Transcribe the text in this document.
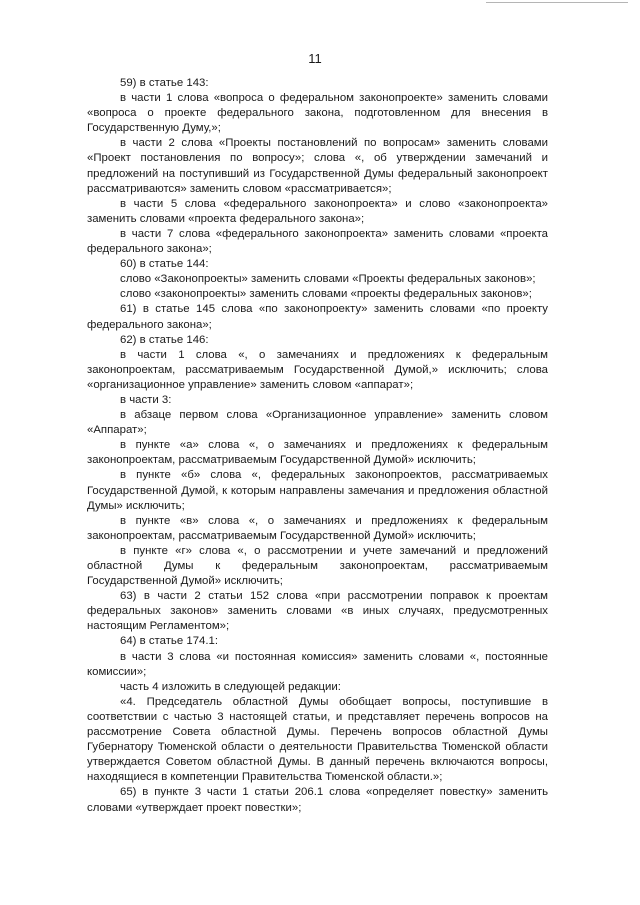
11

59) в статье 143:

в части 1 слова «вопроса о федеральном законопроекте» заменить словами «вопроса о проекте федерального закона, подготовленном для внесения в Государственную Думу,»;

в части 2 слова «Проекты постановлений по вопросам» заменить словами «Проект постановления по вопросу»; слова «, об утверждении замечаний и предложений на поступивший из Государственной Думы федеральный законопроект рассматриваются» заменить словом «рассматривается»;

в части 5 слова «федерального законопроекта» и слово «законопроекта» заменить словами «проекта федерального закона»;

в части 7 слова «федерального законопроекта» заменить словами «проекта федерального закона»;

60) в статье 144:

слово «Законопроекты» заменить словами «Проекты федеральных законов»;

слово «законопроекты» заменить словами «проекты федеральных законов»;

61) в статье 145 слова «по законопроекту» заменить словами «по проекту федерального закона»;

62) в статье 146:

в части 1 слова «, о замечаниях и предложениях к федеральным законопроектам, рассматриваемым Государственной Думой,» исключить; слова «организационное управление» заменить словом «аппарат»;

в части 3:

в абзаце первом слова «Организационное управление» заменить словом «Аппарат»;

в пункте «а» слова «, о замечаниях и предложениях к федеральным законопроектам, рассматриваемым Государственной Думой» исключить;

в пункте «б» слова «, федеральных законопроектов, рассматриваемых Государственной Думой, к которым направлены замечания и предложения областной Думы» исключить;

в пункте «в» слова «, о замечаниях и предложениях к федеральным законопроектам, рассматриваемым Государственной Думой» исключить;

в пункте «г» слова «, о рассмотрении и учете замечаний и предложений областной Думы к федеральным законопроектам, рассматриваемым Государственной Думой» исключить;

63) в части 2 статьи 152 слова «при рассмотрении поправок к проектам федеральных законов» заменить словами «в иных случаях, предусмотренных настоящим Регламентом»;

64) в статье 174.1:

в части 3 слова «и постоянная комиссия» заменить словами «, постоянные комиссии»;

часть 4 изложить в следующей редакции:

«4. Председатель областной Думы обобщает вопросы, поступившие в соответствии с частью 3 настоящей статьи, и представляет перечень вопросов на рассмотрение Совета областной Думы. Перечень вопросов областной Думы Губернатору Тюменской области о деятельности Правительства Тюменской области утверждается Советом областной Думы. В данный перечень включаются вопросы, находящиеся в компетенции Правительства Тюменской области.»;

65) в пункте 3 части 1 статьи 206.1 слова «определяет повестку» заменить словами «утверждает проект повестки»;
